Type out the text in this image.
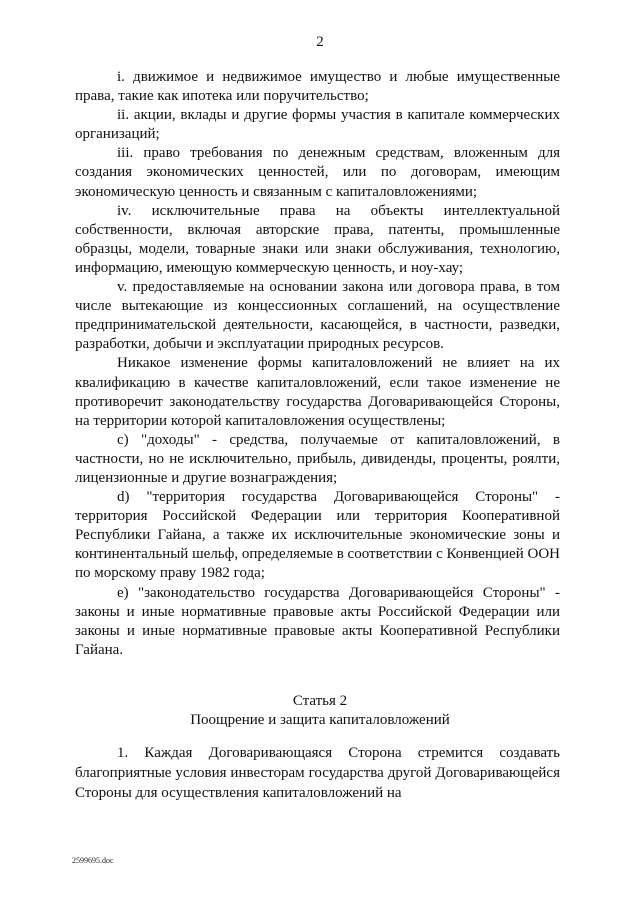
2

i. движимое и недвижимое имущество и любые имущественные права, такие как ипотека или поручительство;

ii. акции, вклады и другие формы участия в капитале коммерческих организаций;

iii. право требования по денежным средствам, вложенным для создания экономических ценностей, или по договорам, имеющим экономическую ценность и связанным с капиталовложениями;

iv. исключительные права на объекты интеллектуальной собственности, включая авторские права, патенты, промышленные образцы, модели, товарные знаки или знаки обслуживания, технологию, информацию, имеющую коммерческую ценность, и ноу-хау;

v. предоставляемые на основании закона или договора права, в том числе вытекающие из концессионных соглашений, на осуществление предпринимательской деятельности, касающейся, в частности, разведки, разработки, добычи и эксплуатации природных ресурсов.

Никакое изменение формы капиталовложений не влияет на их квалификацию в качестве капиталовложений, если такое изменение не противоречит законодательству государства Договаривающейся Стороны, на территории которой капиталовложения осуществлены;

c) "доходы" - средства, получаемые от капиталовложений, в частности, но не исключительно, прибыль, дивиденды, проценты, роялти, лицензионные и другие вознаграждения;

d) "территория государства Договаривающейся Стороны" - территория Российской Федерации или территория Кооперативной Республики Гайана, а также их исключительные экономические зоны и континентальный шельф, определяемые в соответствии с Конвенцией ООН по морскому праву 1982 года;

e) "законодательство государства Договаривающейся Стороны" - законы и иные нормативные правовые акты Российской Федерации или законы и иные нормативные правовые акты Кооперативной Республики Гайана.

Статья 2

Поощрение и защита капиталовложений

1. Каждая Договаривающаяся Сторона стремится создавать благоприятные условия инвесторам государства другой Договаривающейся Стороны для осуществления капиталовложений на

2599695.doc
